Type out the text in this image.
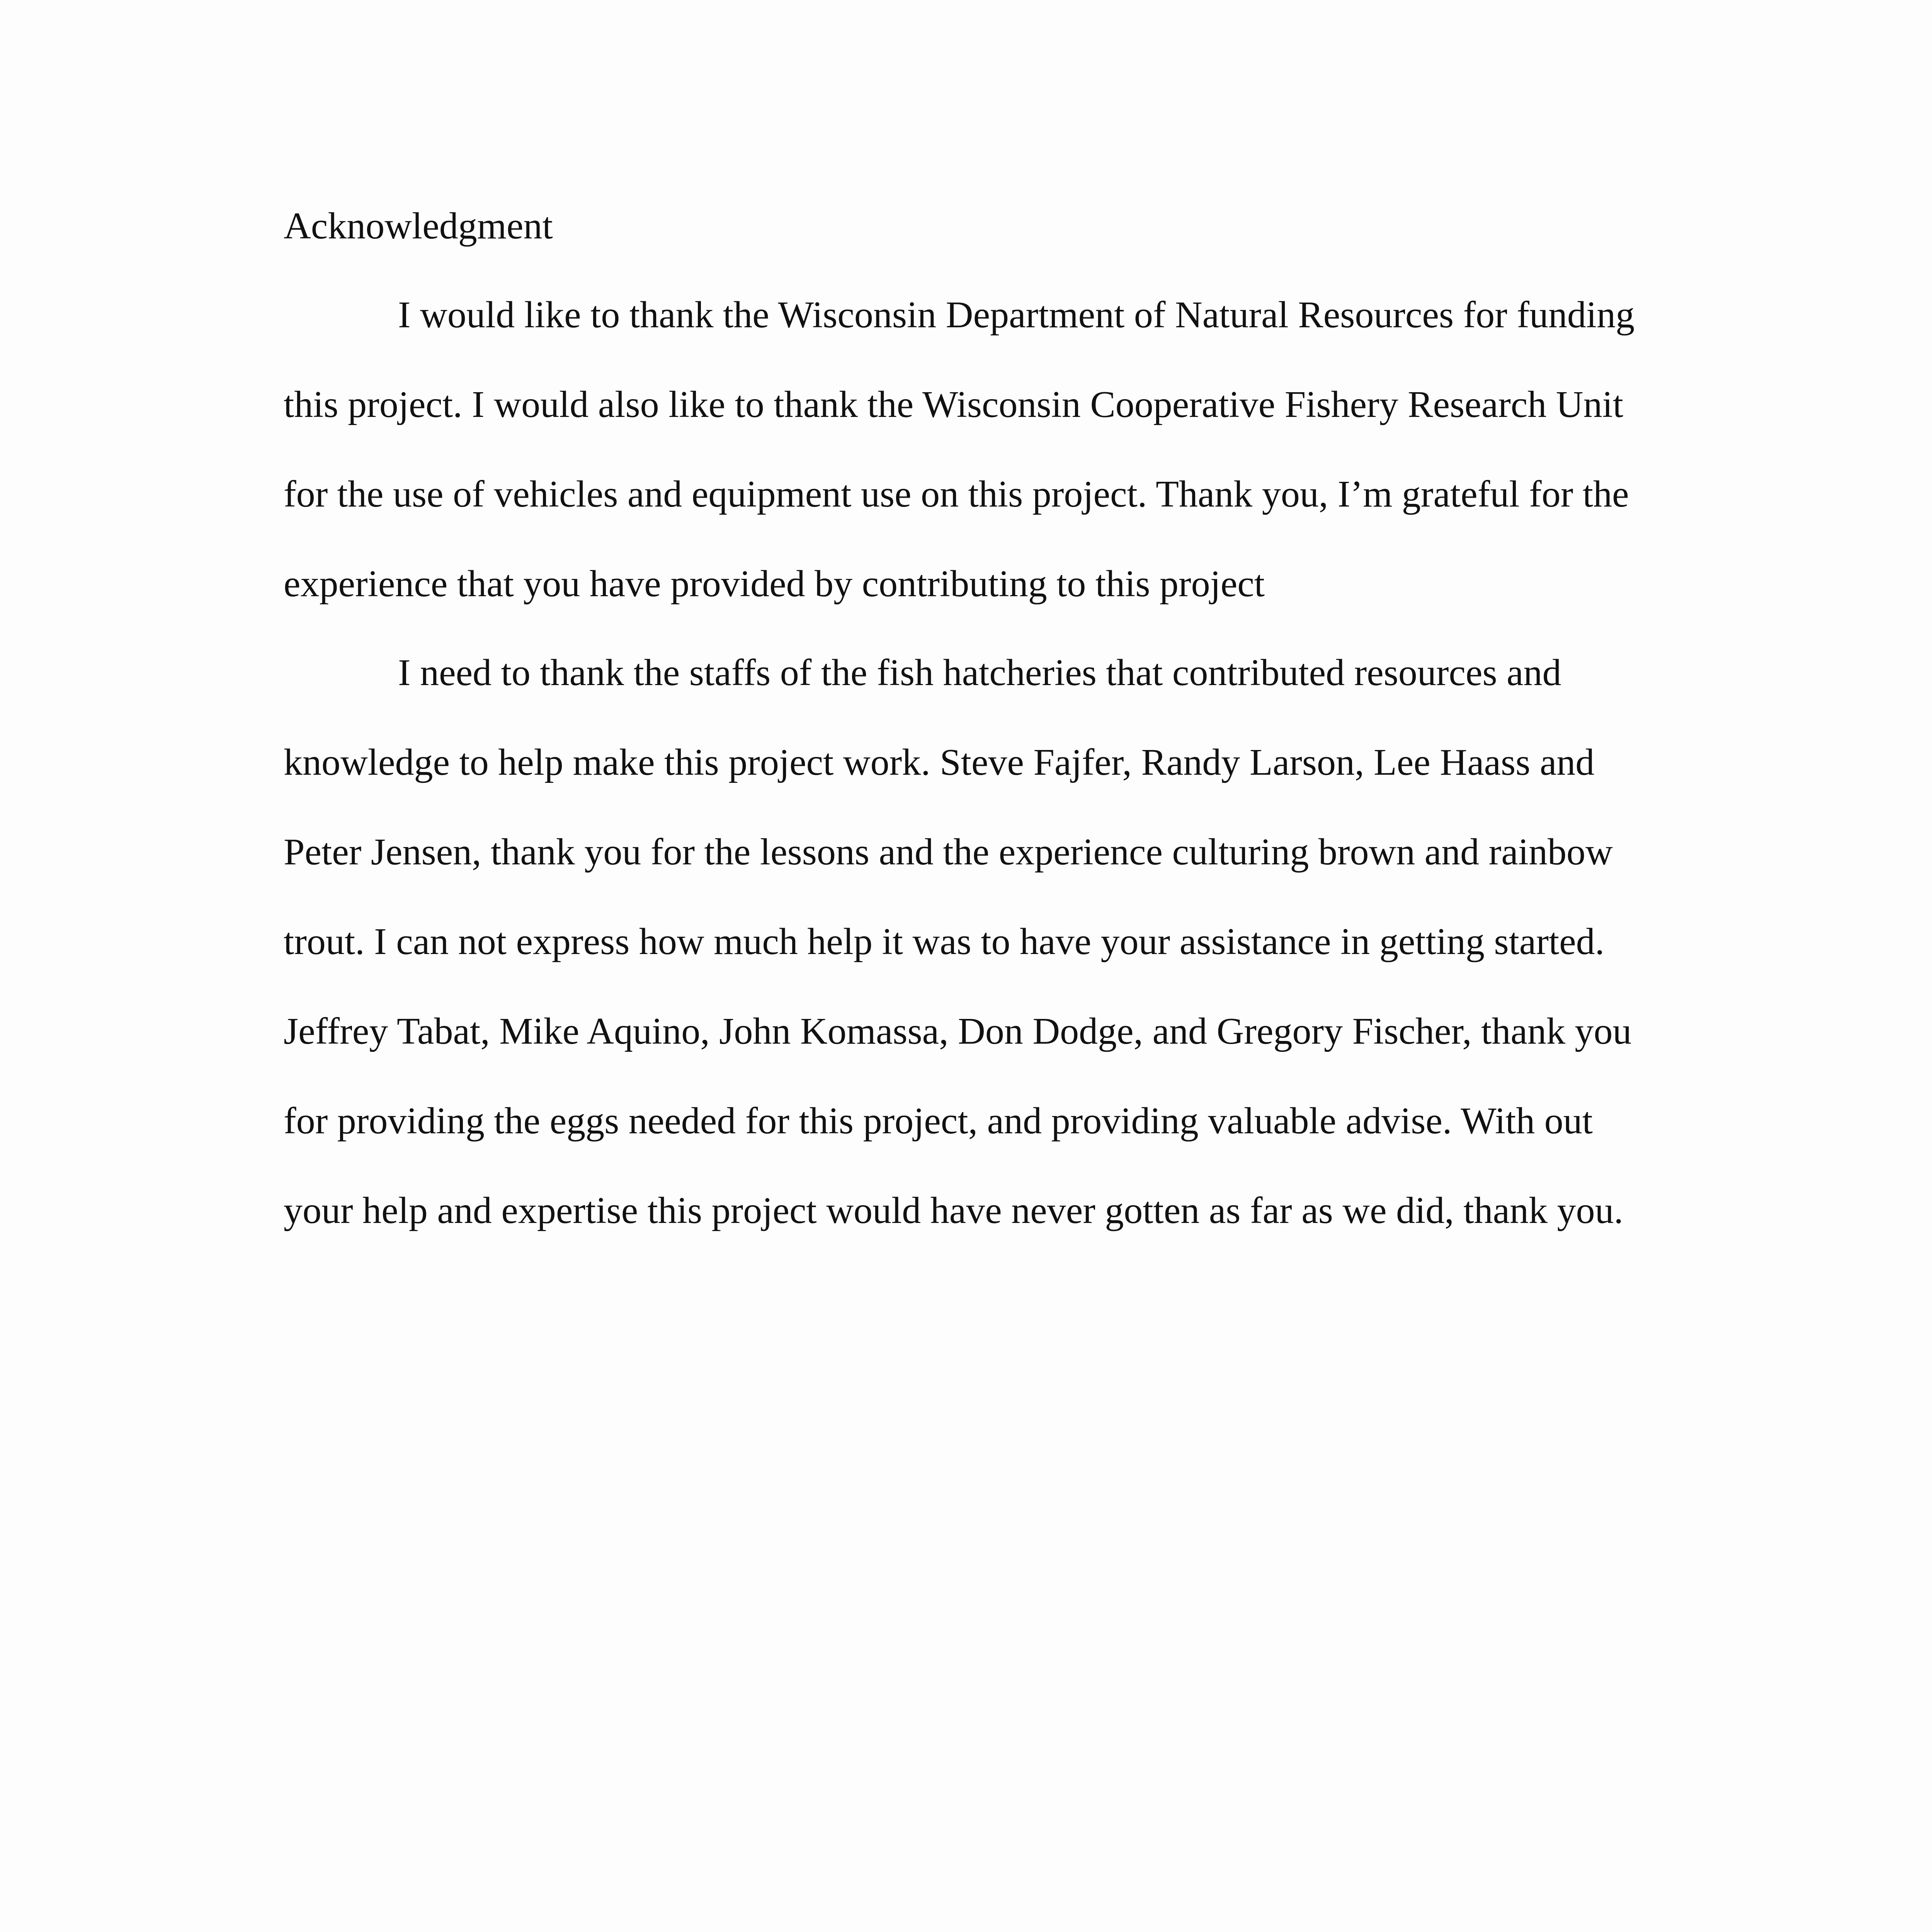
Acknowledgment
I would like to thank the Wisconsin Department of Natural Resources for funding
this project. I would also like to thank the Wisconsin Cooperative Fishery Research Unit
for the use of vehicles and equipment use on this project. Thank you, I’m grateful for the
experience that you have provided by contributing to this project
I need to thank the staffs of the fish hatcheries that contributed resources and
knowledge to help make this project work. Steve Fajfer, Randy Larson, Lee Haass and
Peter Jensen, thank you for the lessons and the experience culturing brown and rainbow
trout. I can not express how much help it was to have your assistance in getting started.
Jeffrey Tabat, Mike Aquino, John Komassa, Don Dodge, and Gregory Fischer, thank you
for providing the eggs needed for this project, and providing valuable advise. With out
your help and expertise this project would have never gotten as far as we did, thank you.
